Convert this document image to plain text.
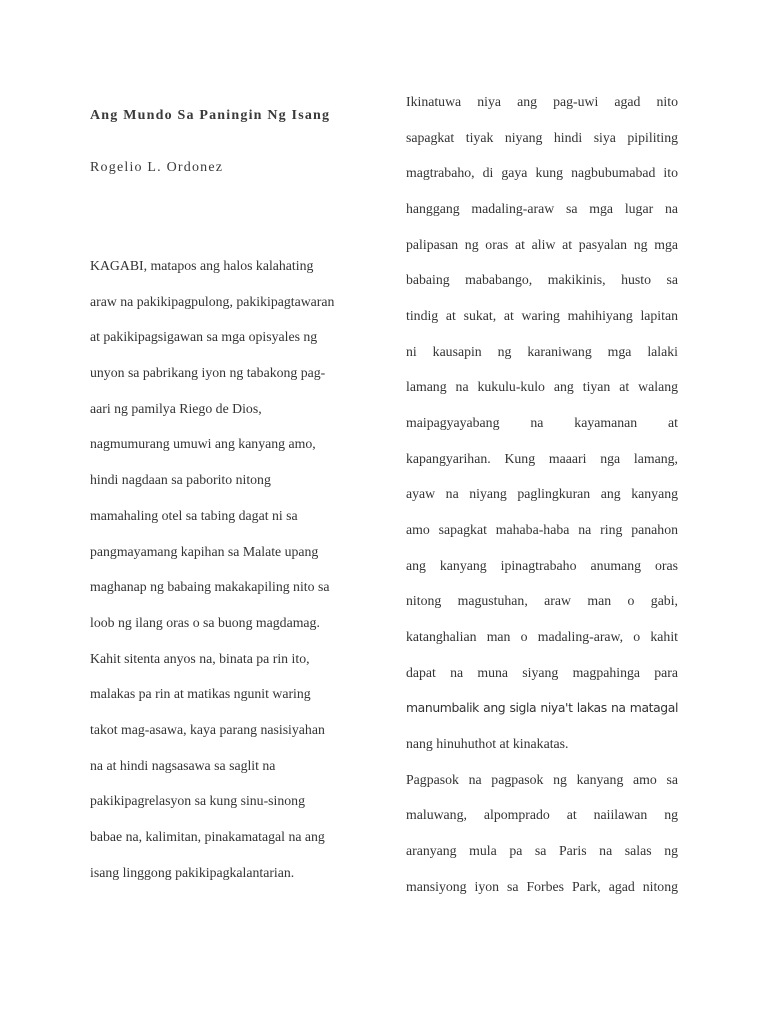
Ang Mundo Sa Paningin Ng Isang

Rogelio L. Ordonez

KAGABI, matapos ang halos kalahating
araw na pakikipagpulong, pakikipagtawaran
at pakikipagsigawan sa mga opisyales ng
unyon sa pabrikang iyon ng tabakong pag-
aari ng pamilya Riego de Dios,
nagmumurang umuwi ang kanyang amo,
hindi nagdaan sa paborito nitong
mamahaling otel sa tabing dagat ni sa
pangmayamang kapihan sa Malate upang
maghanap ng babaing makakapiling nito sa
loob ng ilang oras o sa buong magdamag.
Kahit sitenta anyos na, binata pa rin ito,
malakas pa rin at matikas ngunit waring
takot mag-asawa, kaya parang nasisiyahan
na at hindi nagsasawa sa saglit na
pakikipagrelasyon sa kung sinu-sinong
babae na, kalimitan, pinakamatagal na ang
isang linggong pakikipagkalantarian.
Ikinatuwa niya ang pag-uwi agad nito
sapagkat tiyak niyang hindi siya pipiliting
magtrabaho, di gaya kung nagbubumabad ito
hanggang madaling-araw sa mga lugar na
palipasan ng oras at aliw at pasyalan ng mga
babaing mababango, makikinis, husto sa
tindig at sukat, at waring mahihiyang lapitan
ni kausapin ng karaniwang mga lalaki
lamang na kukulu-kulo ang tiyan at walang
maipagyayabang na kayamanan at
kapangyarihan. Kung maaari nga lamang,
ayaw na niyang paglingkuran ang kanyang
amo sapagkat mahaba-haba na ring panahon
ang kanyang ipinagtrabaho anumang oras
nitong magustuhan, araw man o gabi,
katanghalian man o madaling-araw, o kahit
dapat na muna siyang magpahinga para
manumbalik ang sigla niya't lakas na matagal
nang hinuhuthot at kinakatas.
Pagpasok na pagpasok ng kanyang amo sa
maluwang, alpomprado at naiilawan ng
aranyang mula pa sa Paris na salas ng
mansiyong iyon sa Forbes Park, agad nitong
